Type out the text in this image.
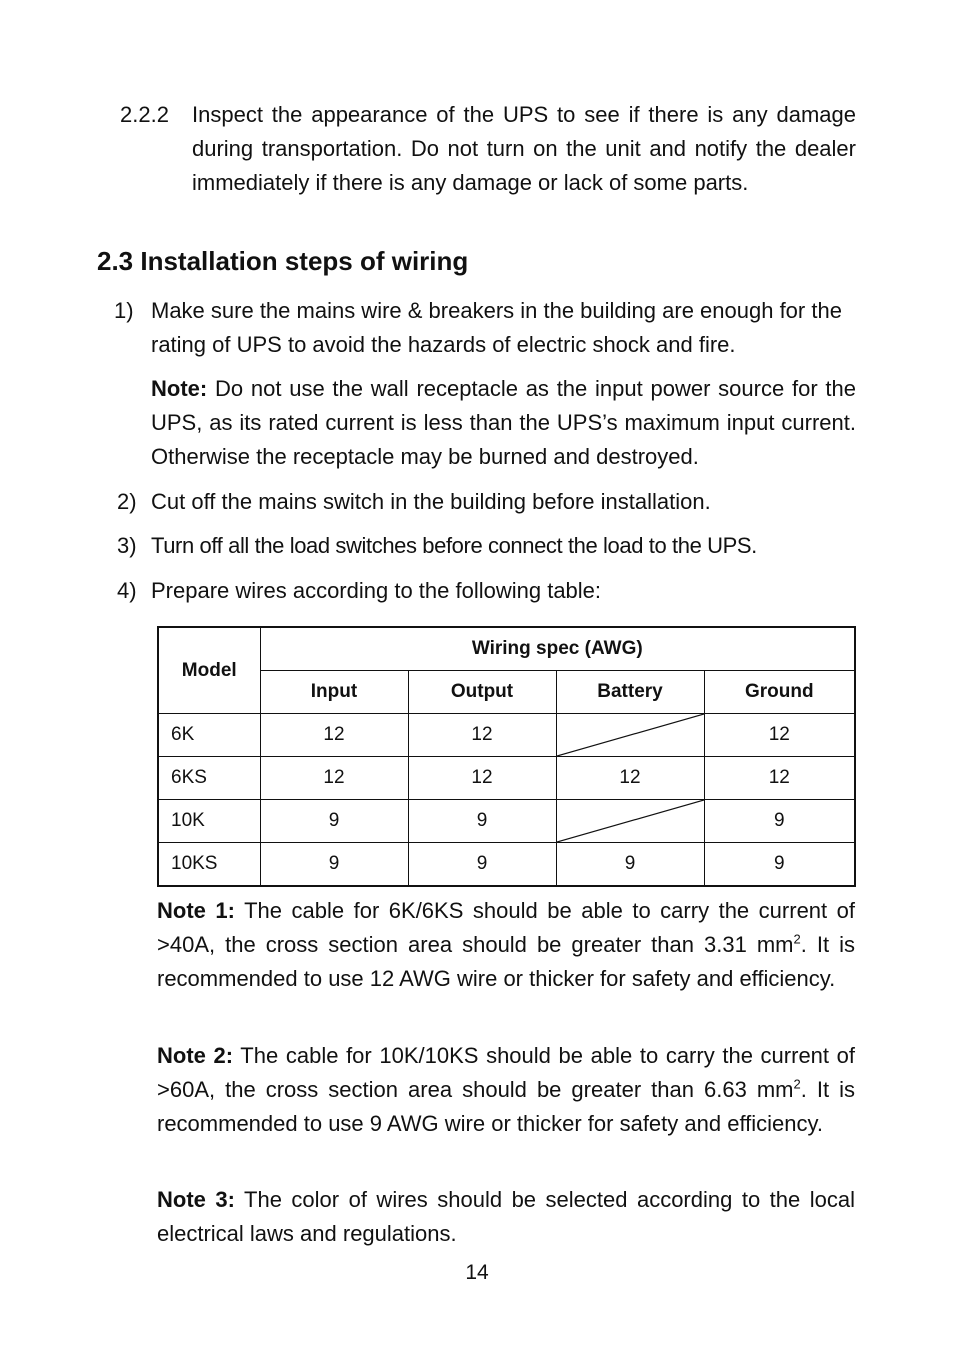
2.2.2 Inspect the appearance of the UPS to see if there is any damage during transportation. Do not turn on the unit and notify the dealer immediately if there is any damage or lack of some parts.

2.3 Installation steps of wiring
1) Make sure the mains wire & breakers in the building are enough for the rating of UPS to avoid the hazards of electric shock and fire.

Note: Do not use the wall receptacle as the input power source for the UPS, as its rated current is less than the UPS’s maximum input current. Otherwise the receptacle may be burned and destroyed.

2) Cut off the mains switch in the building before installation.

3) Turn off all the load switches before connect the load to the UPS.

4) Prepare wires according to the following table:

Model	Wiring spec (AWG)			
	Input	Output	Battery	Ground
6K	12	12		12
6KS	12	12	12	12
10K	9	9		9
10KS	9	9	9	9

Note 1: The cable for 6K/6KS should be able to carry the current of >40A, the cross section area should be greater than 3.31 $mm^2$. It is recommended to use 12 AWG wire or thicker for safety and efficiency.

Note 2: The cable for 10K/10KS should be able to carry the current of >60A, the cross section area should be greater than 6.63 $mm^2$. It is recommended to use 9 AWG wire or thicker for safety and efficiency.

Note 3: The color of wires should be selected according to the local electrical laws and regulations.

14
